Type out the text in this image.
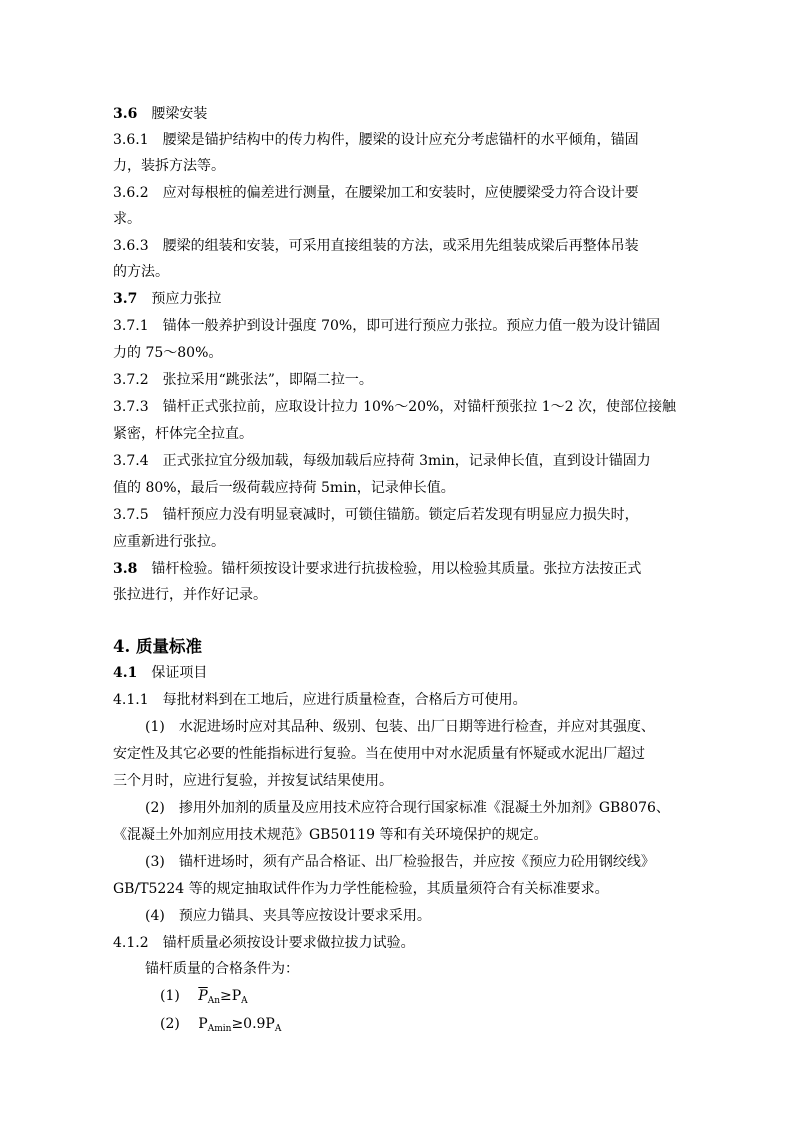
3.6　 腰梁安装
3.6.1　腰梁是锚护结构中的传力构件，腰梁的设计应充分考虑锚杆的水平倾角，锚固
力，装拆方法等。
3.6.2　应对每根桩的偏差进行测量，在腰梁加工和安装时，应使腰梁受力符合设计要
求。
3.6.3　腰梁的组装和安装，可采用直接组装的方法，或采用先组装成梁后再整体吊装
的方法。
3.7　 预应力张拉
3.7.1　锚体一般养护到设计强度 70%，即可进行预应力张拉。预应力值一般为设计锚固
力的 75～80%。
3.7.2　张拉采用“跳张法”，即隔二拉一。
3.7.3　锚杆正式张拉前，应取设计拉力 10%～20%，对锚杆预张拉 1～2 次，使部位接触
紧密，杆体完全拉直。
3.7.4　正式张拉宜分级加载，每级加载后应持荷 3min，记录伸长值，直到设计锚固力
值的 80%，最后一级荷载应持荷 5min，记录伸长值。
3.7.5　锚杆预应力没有明显衰减时，可锁住锚筋。锁定后若发现有明显应力损失时，
应重新进行张拉。
3.8　 锚杆检验。锚杆须按设计要求进行抗拔检验，用以检验其质量。张拉方法按正式
张拉进行，并作好记录。
4. 质量标准
4.1　 保证项目
4.1.1　每批材料到在工地后，应进行质量检查，合格后方可使用。
(1)　水泥进场时应对其品种、级别、包装、出厂日期等进行检查，并应对其强度、
安定性及其它必要的性能指标进行复验。当在使用中对水泥质量有怀疑或水泥出厂超过
三个月时，应进行复验，并按复试结果使用。
(2)　掺用外加剂的质量及应用技术应符合现行国家标准《混凝土外加剂》GB8076、
《混凝土外加剂应用技术规范》GB50119 等和有关环境保护的规定。
(3)　锚杆进场时，须有产品合格证、出厂检验报告，并应按《预应力砼用钢绞线》
GB/T5224 等的规定抽取试件作为力学性能检验，其质量须符合有关标准要求。
(4)　预应力锚具、夹具等应按设计要求采用。
4.1.2　锚杆质量必须按设计要求做拉拔力试验。
锚杆质量的合格条件为：
(1)　 $\overline{P}_{An}\ge P_A$
(2)　 $P_{Amin}\ge 0.9P_A$
